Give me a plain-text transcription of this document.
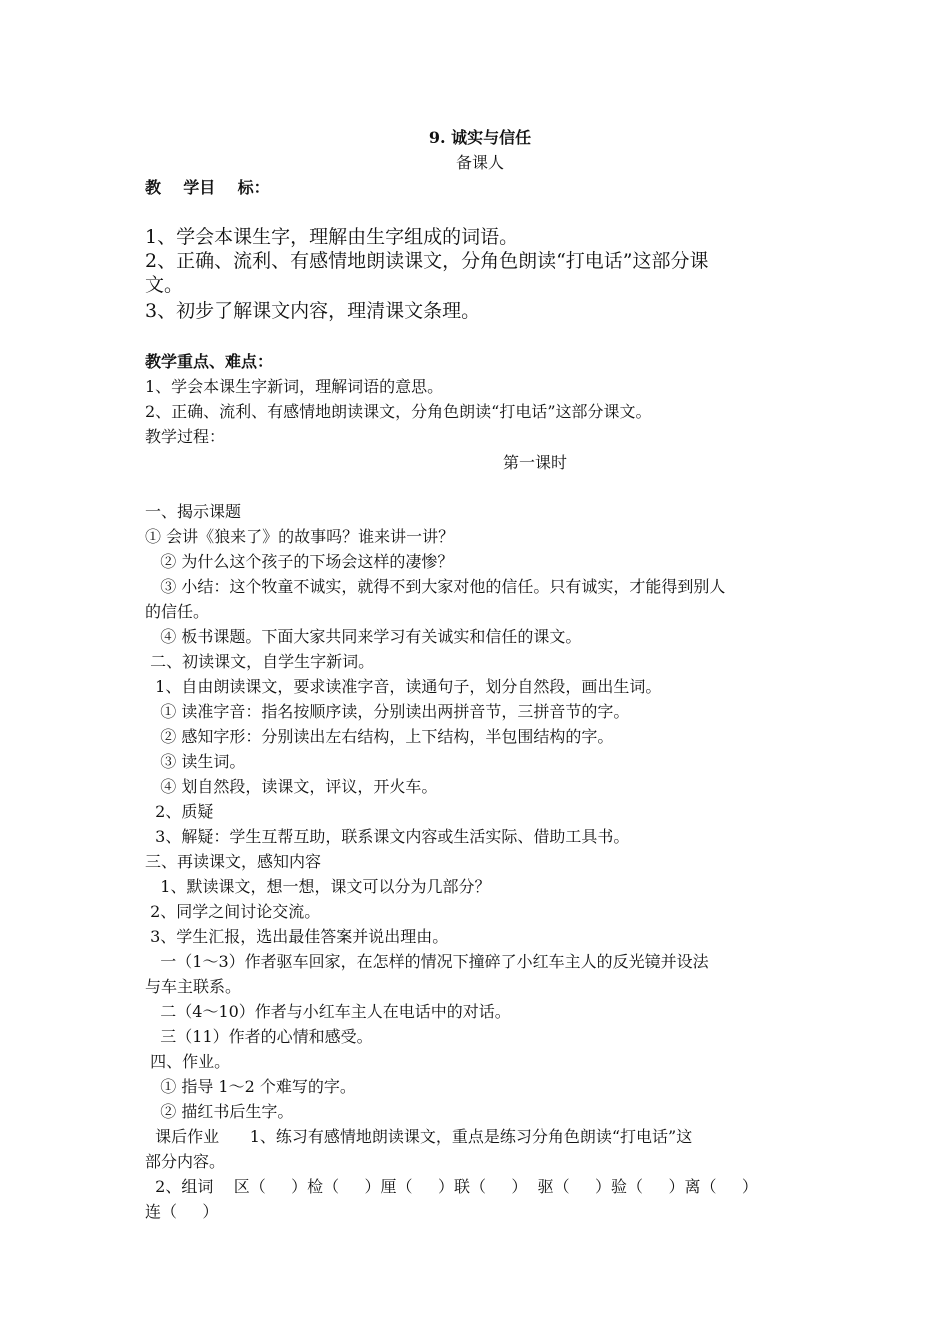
9. 诚实与信任
备课人
教    学目    标：
1、学会本课生字，理解由生字组成的词语。
2、正确、流利、有感情地朗读课文，分角色朗读“打电话”这部分课
文。
3、初步了解课文内容，理清课文条理。
教学重点、难点：
1、学会本课生字新词，理解词语的意思。
2、正确、流利、有感情地朗读课文，分角色朗读“打电话”这部分课文。
教学过程：
第一课时
一、揭示课题
① 会讲《狼来了》的故事吗？谁来讲一讲？
② 为什么这个孩子的下场会这样的凄惨？
③ 小结：这个牧童不诚实，就得不到大家对他的信任。只有诚实，才能得到别人
的信任。
④ 板书课题。下面大家共同来学习有关诚实和信任的课文。
二、初读课文，自学生字新词。
1、自由朗读课文，要求读准字音，读通句子，划分自然段，画出生词。
① 读准字音：指名按顺序读，分别读出两拼音节，三拼音节的字。
② 感知字形：分别读出左右结构，上下结构，半包围结构的字。
③ 读生词。
④ 划自然段，读课文，评议，开火车。
2、质疑
3、解疑：学生互帮互助，联系课文内容或生活实际、借助工具书。
三、再读课文，感知内容
1、默读课文，想一想，课文可以分为几部分？
2、同学之间讨论交流。
3、学生汇报，选出最佳答案并说出理由。
一（1～3）作者驱车回家，在怎样的情况下撞碎了小红车主人的反光镜并设法
与车主联系。
二（4～10）作者与小红车主人在电话中的对话。
三（11）作者的心情和感受。
四、作业。
① 指导 1～2 个难写的字。
② 描红书后生字。
课后作业      1、练习有感情地朗读课文，重点是练习分角色朗读“打电话”这
部分内容。
2、组词    区（     ）检（     ）厘（     ）联（     ）  驱（     ）验（     ）离（     ）
连（     ）
